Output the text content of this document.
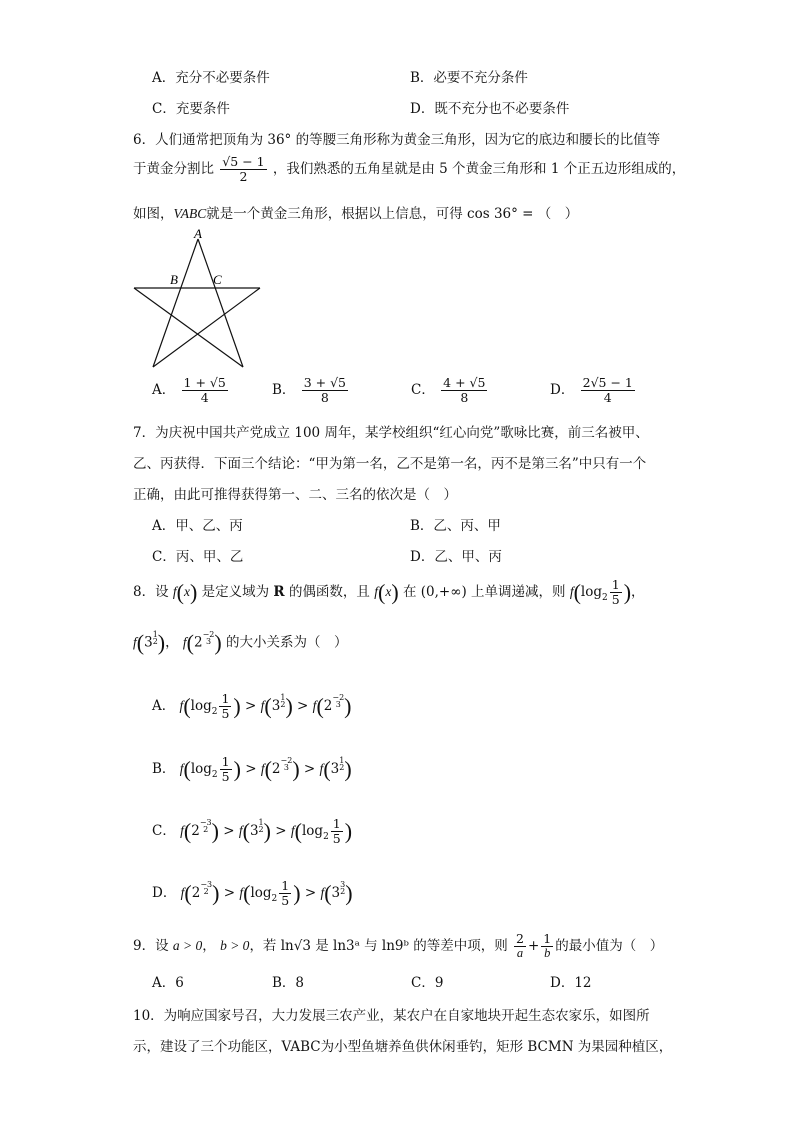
A．充分不必要条件	B．必要不充分条件
C．充要条件	D．既不充分也不必要条件
6．人们通常把顶角为 36° 的等腰三角形称为黄金三角形，因为它的底边和腰长的比值等
于黄金分割比 $\frac{√5 - 1}{2}$ ，我们熟悉的五角星就是由 5 个黄金三角形和 1 个正五边形组成的，
如图，VABC就是一个黄金三角形，根据以上信息，可得 cos 36° = （　）
A
B	C
A． $\frac{1 + √5}{4}$	B． $\frac{3 + √5}{8}$	C． $\frac{4 + √5}{8}$	D． $\frac{2√5 - 1}{4}$
7．为庆祝中国共产党成立 100 周年，某学校组织“红心向党”歌咏比赛，前三名被甲、
乙、丙获得．下面三个结论：“甲为第一名，乙不是第一名，丙不是第三名”中只有一个
正确，由此可推得获得第一、二、三名的依次是（　）
A．甲、乙、丙	B．乙、丙、甲
C．丙、甲、乙	D．乙、甲、丙
8．设 f(x) 是定义域为 R 的偶函数，且 f(x) 在 (0,+∞) 上单调递减，则 $f(\log_2 \frac{1}{5}$ )，
f(3
1
2 )， f(2
−2
3 ) 的大小关系为（　）
A． $f(\log_2 \frac{1}{5}$ ) > f(3
1
2 ) > f(2
−2
3 )
B． $f(\log_2 \frac{1}{5}$ ) > f(2
−2
3 ) > f(3
1
2 )
C． f(2
−3
2 ) > f(3
1
2 ) > $f(\log_2 \frac{1}{5}$ )
D． f(2
−3
2 ) > $f(\log_2 \frac{1}{5}$ ) > f(3
3
2 )
9．设 a > 0， b > 0，若 ln√3 是 ln3ᵃ 与 ln9ᵇ 的等差中项，则 $\frac{2}{a} + \frac{1}{b}$ 的最小值为（　）
A．6	B．8	C．9	D．12
10．为响应国家号召，大力发展三农产业，某农户在自家地块开起生态农家乐，如图所
示，建设了三个功能区，VABC为小型鱼塘养鱼供休闲垂钓，矩形 BCMN 为果园种植区，
